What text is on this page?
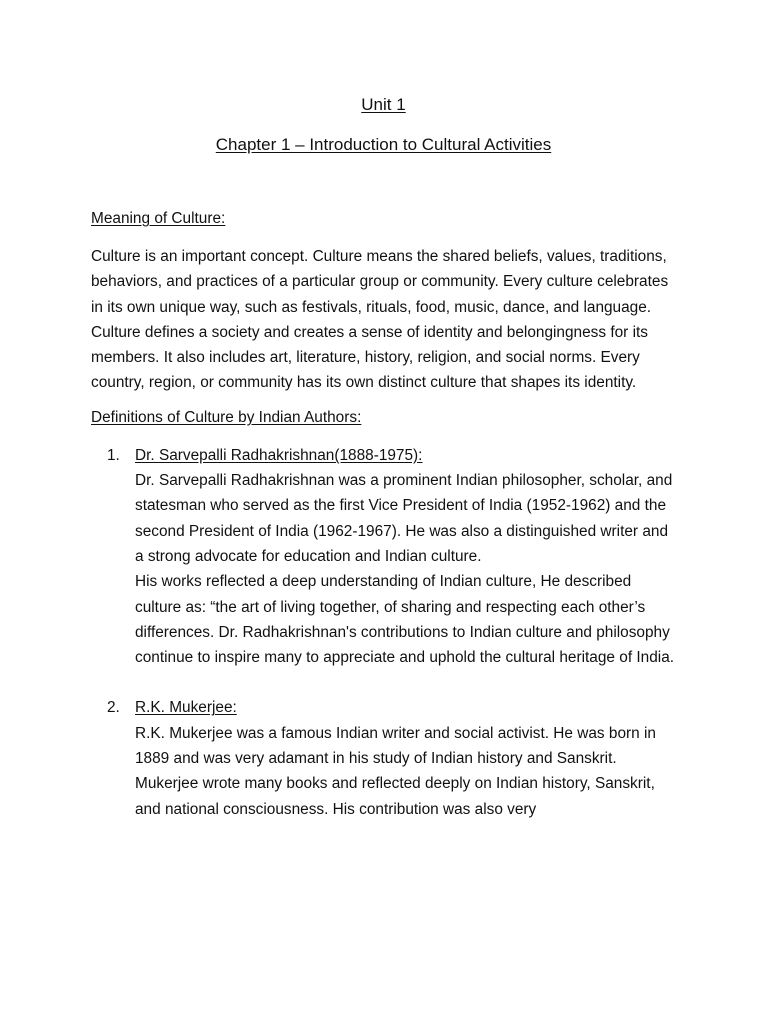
Unit 1

Chapter 1 – Introduction to Cultural Activities

Meaning of Culture:

Culture is an important concept. Culture means the shared beliefs, values, traditions, behaviors, and practices of a particular group or community. Every culture celebrates in its own unique way, such as festivals, rituals, food, music, dance, and language. Culture defines a society and creates a sense of identity and belongingness for its members. It also includes art, literature, history, religion, and social norms. Every country, region, or community has its own distinct culture that shapes its identity.

Definitions of Culture by Indian Authors:

1. Dr. Sarvepalli Radhakrishnan(1888-1975):
Dr. Sarvepalli Radhakrishnan was a prominent Indian philosopher, scholar, and statesman who served as the first Vice President of India (1952-1962) and the second President of India (1962-1967). He was also a distinguished writer and a strong advocate for education and Indian culture.
His works reflected a deep understanding of Indian culture, He described culture as: “the art of living together, of sharing and respecting each other’s differences. Dr. Radhakrishnan's contributions to Indian culture and philosophy continue to inspire many to appreciate and uphold the cultural heritage of India.
2. R.K. Mukerjee:
R.K. Mukerjee was a famous Indian writer and social activist. He was born in 1889 and was very adamant in his study of Indian history and Sanskrit. Mukerjee wrote many books and reflected deeply on Indian history, Sanskrit, and national consciousness. His contribution was also very
